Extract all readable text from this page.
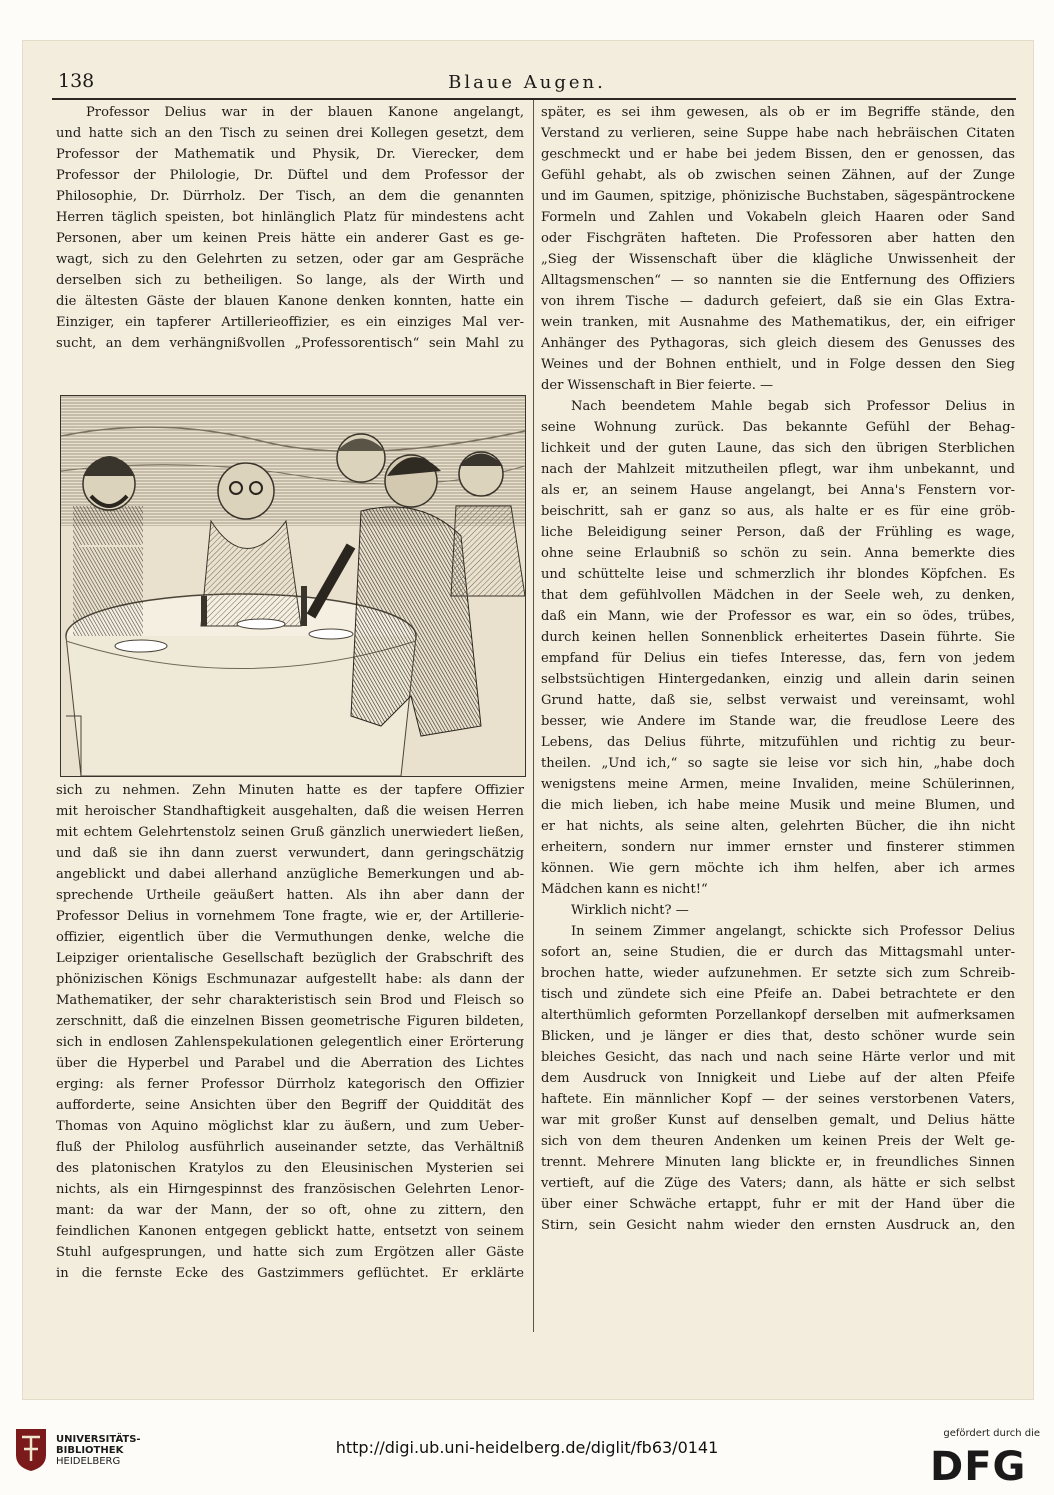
138	Blaue Augen.
Professor Delius war in der blauen Kanone angelangt,
und hatte sich an den Tisch zu seinen drei Kollegen gesetzt, dem
Professor der Mathematik und Physik, Dr. Vierecker, dem
Professor der Philologie, Dr. Düftel und dem Professor der
Philosophie, Dr. Dürrholz. Der Tisch, an dem die genannten
Herren täglich speisten, bot hinlänglich Platz für mindestens acht
Personen, aber um keinen Preis hätte ein anderer Gast es ge-
wagt, sich zu den Gelehrten zu setzen, oder gar am Gespräche
derselben sich zu betheiligen. So lange, als der Wirth und
die ältesten Gäste der blauen Kanone denken konnten, hatte ein
Einziger, ein tapferer Artillerieoffizier, es ein einziges Mal ver-
sucht, an dem verhängnißvollen „Professorentisch“ sein Mahl zu
sich zu nehmen. Zehn Minuten hatte es der tapfere Offizier
mit heroischer Standhaftigkeit ausgehalten, daß die weisen Herren
mit echtem Gelehrtenstolz seinen Gruß gänzlich unerwiedert ließen,
und daß sie ihn dann zuerst verwundert, dann geringschätzig
angeblickt und dabei allerhand anzügliche Bemerkungen und ab-
sprechende Urtheile geäußert hatten. Als ihn aber dann der
Professor Delius in vornehmem Tone fragte, wie er, der Artillerie-
offizier, eigentlich über die Vermuthungen denke, welche die
Leipziger orientalische Gesellschaft bezüglich der Grabschrift des
phönizischen Königs Eschmunazar aufgestellt habe: als dann der
Mathematiker, der sehr charakteristisch sein Brod und Fleisch so
zerschnitt, daß die einzelnen Bissen geometrische Figuren bildeten,
sich in endlosen Zahlenspekulationen gelegentlich einer Erörterung
über die Hyperbel und Parabel und die Aberration des Lichtes
erging: als ferner Professor Dürrholz kategorisch den Offizier
aufforderte, seine Ansichten über den Begriff der Quiddität des
Thomas von Aquino möglichst klar zu äußern, und zum Ueber-
fluß der Philolog ausführlich auseinander setzte, das Verhältniß
des platonischen Kratylos zu den Eleusinischen Mysterien sei
nichts, als ein Hirngespinnst des französischen Gelehrten Lenor-
mant: da war der Mann, der so oft, ohne zu zittern, den
feindlichen Kanonen entgegen geblickt hatte, entsetzt von seinem
Stuhl aufgesprungen, und hatte sich zum Ergötzen aller Gäste
in die fernste Ecke des Gastzimmers geflüchtet. Er erklärte
später, es sei ihm gewesen, als ob er im Begriffe stände, den
Verstand zu verlieren, seine Suppe habe nach hebräischen Citaten
geschmeckt und er habe bei jedem Bissen, den er genossen, das
Gefühl gehabt, als ob zwischen seinen Zähnen, auf der Zunge
und im Gaumen, spitzige, phönizische Buchstaben, sägespäntrockene
Formeln und Zahlen und Vokabeln gleich Haaren oder Sand
oder Fischgräten hafteten. Die Professoren aber hatten den
„Sieg der Wissenschaft über die klägliche Unwissenheit der
Alltagsmenschen“ — so nannten sie die Entfernung des Offiziers
von ihrem Tische — dadurch gefeiert, daß sie ein Glas Extra-
wein tranken, mit Ausnahme des Mathematikus, der, ein eifriger
Anhänger des Pythagoras, sich gleich diesem des Genusses des
Weines und der Bohnen enthielt, und in Folge dessen den Sieg
der Wissenschaft in Bier feierte. —
Nach beendetem Mahle begab sich Professor Delius in
seine Wohnung zurück. Das bekannte Gefühl der Behag-
lichkeit und der guten Laune, das sich den übrigen Sterblichen
nach der Mahlzeit mitzutheilen pflegt, war ihm unbekannt, und
als er, an seinem Hause angelangt, bei Anna's Fenstern vor-
beischritt, sah er ganz so aus, als halte er es für eine gröb-
liche Beleidigung seiner Person, daß der Frühling es wage,
ohne seine Erlaubniß so schön zu sein. Anna bemerkte dies
und schüttelte leise und schmerzlich ihr blondes Köpfchen. Es
that dem gefühlvollen Mädchen in der Seele weh, zu denken,
daß ein Mann, wie der Professor es war, ein so ödes, trübes,
durch keinen hellen Sonnenblick erheitertes Dasein führte. Sie
empfand für Delius ein tiefes Interesse, das, fern von jedem
selbstsüchtigen Hintergedanken, einzig und allein darin seinen
Grund hatte, daß sie, selbst verwaist und vereinsamt, wohl
besser, wie Andere im Stande war, die freudlose Leere des
Lebens, das Delius führte, mitzufühlen und richtig zu beur-
theilen. „Und ich,“ so sagte sie leise vor sich hin, „habe doch
wenigstens meine Armen, meine Invaliden, meine Schülerinnen,
die mich lieben, ich habe meine Musik und meine Blumen, und
er hat nichts, als seine alten, gelehrten Bücher, die ihn nicht
erheitern, sondern nur immer ernster und finsterer stimmen
können. Wie gern möchte ich ihm helfen, aber ich armes
Mädchen kann es nicht!“
Wirklich nicht? —
In seinem Zimmer angelangt, schickte sich Professor Delius
sofort an, seine Studien, die er durch das Mittagsmahl unter-
brochen hatte, wieder aufzunehmen. Er setzte sich zum Schreib-
tisch und zündete sich eine Pfeife an. Dabei betrachtete er den
alterthümlich geformten Porzellankopf derselben mit aufmerksamen
Blicken, und je länger er dies that, desto schöner wurde sein
bleiches Gesicht, das nach und nach seine Härte verlor und mit
dem Ausdruck von Innigkeit und Liebe auf der alten Pfeife
haftete. Ein männlicher Kopf — der seines verstorbenen Vaters,
war mit großer Kunst auf denselben gemalt, und Delius hätte
sich von dem theuren Andenken um keinen Preis der Welt ge-
trennt. Mehrere Minuten lang blickte er, in freundliches Sinnen
vertieft, auf die Züge des Vaters; dann, als hätte er sich selbst
über einer Schwäche ertappt, fuhr er mit der Hand über die
Stirn, sein Gesicht nahm wieder den ernsten Ausdruck an, den
UNIVERSITÄTS-
BIBLIOTHEK
HEIDELBERG
http://digi.ub.uni-heidelberg.de/diglit/fb63/0141
gefördert durch die
DFG
